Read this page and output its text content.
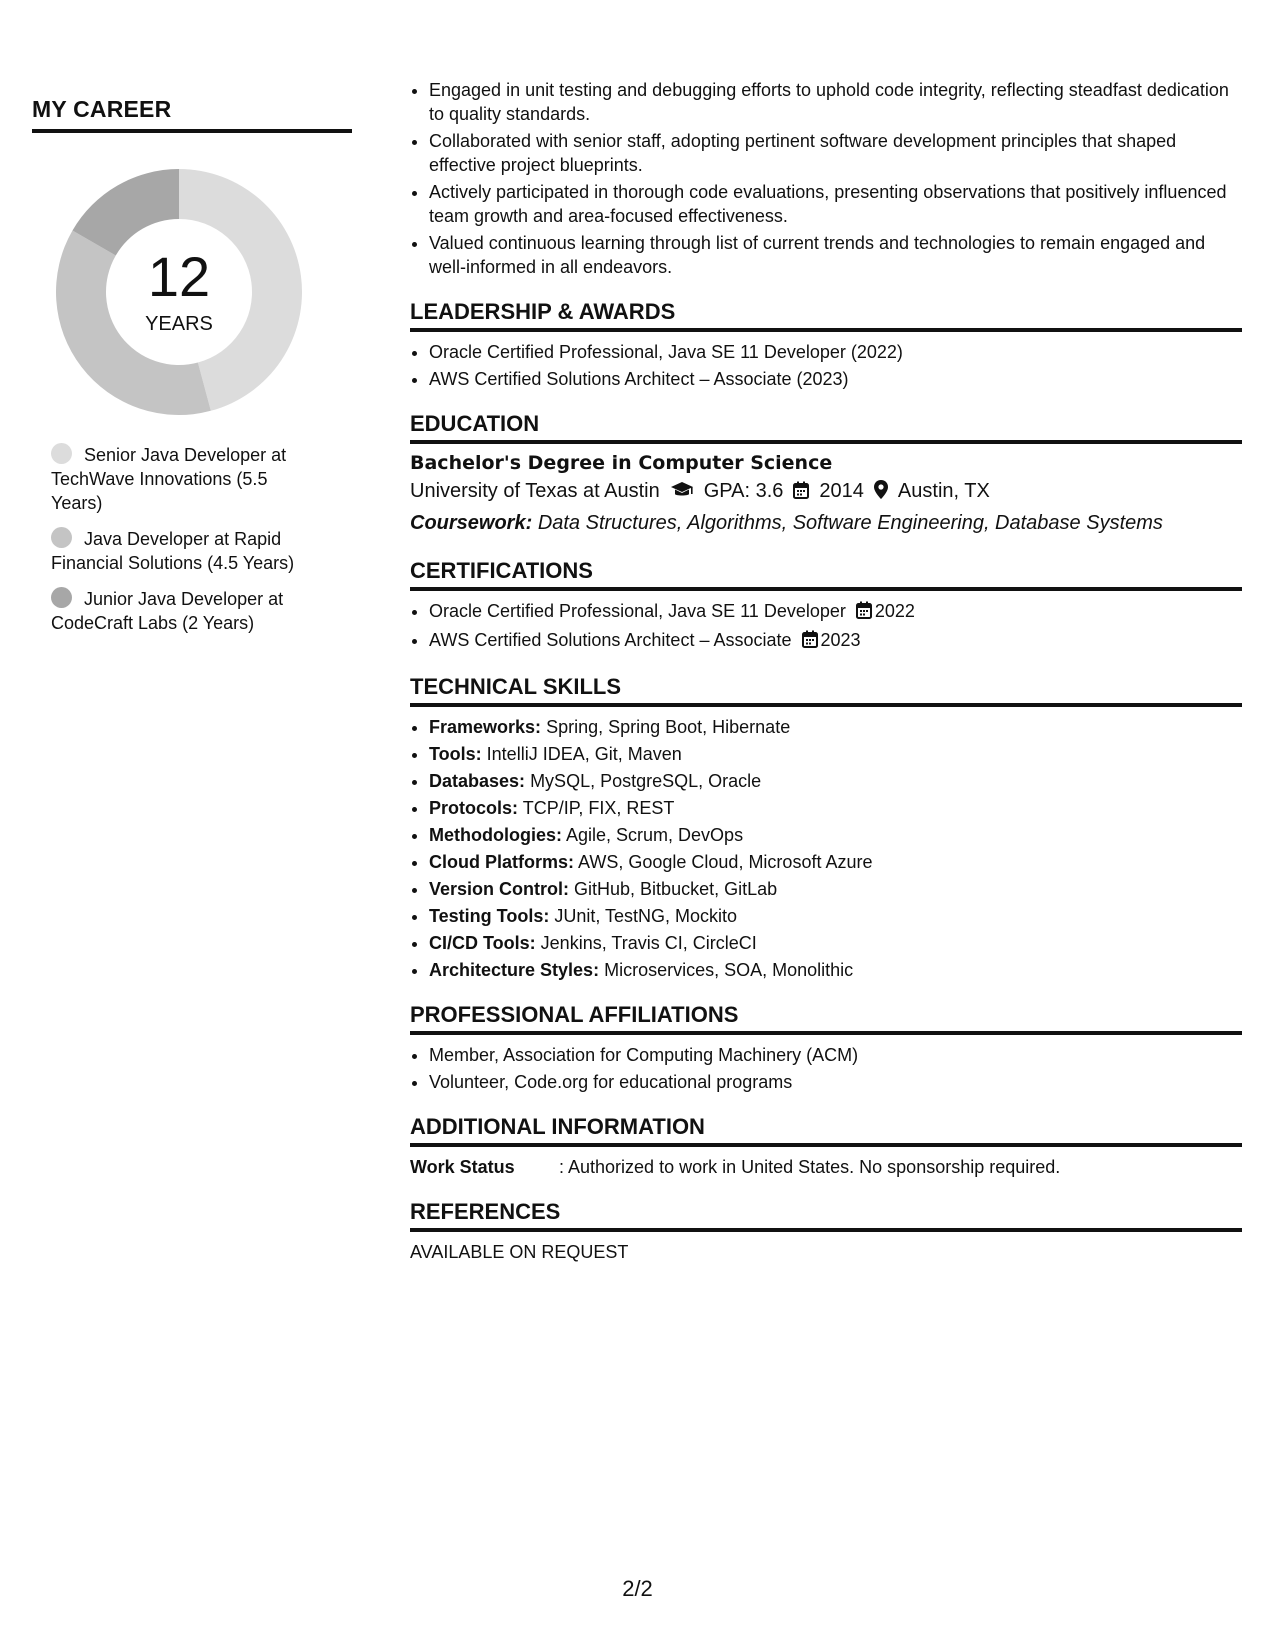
MY CAREER
12
YEARS
Senior Java Developer at TechWave Innovations (5.5 Years)
Java Developer at Rapid Financial Solutions (4.5 Years)
Junior Java Developer at CodeCraft Labs (2 Years)
• Engaged in unit testing and debugging efforts to uphold code integrity, reflecting steadfast dedication to quality standards.
• Collaborated with senior staff, adopting pertinent software development principles that shaped effective project blueprints.
• Actively participated in thorough code evaluations, presenting observations that positively influenced team growth and area-focused effectiveness.
• Valued continuous learning through list of current trends and technologies to remain engaged and well-informed in all endeavors.
LEADERSHIP & AWARDS
• Oracle Certified Professional, Java SE 11 Developer (2022)
• AWS Certified Solutions Architect – Associate (2023)
EDUCATION
Bachelor's Degree in Computer Science
University of Texas at Austin GPA: 3.6 2014 Austin, TX
Coursework: Data Structures, Algorithms, Software Engineering, Database Systems
CERTIFICATIONS
• Oracle Certified Professional, Java SE 11 Developer 2022
• AWS Certified Solutions Architect – Associate 2023
TECHNICAL SKILLS
• Frameworks: Spring, Spring Boot, Hibernate
• Tools: IntelliJ IDEA, Git, Maven
• Databases: MySQL, PostgreSQL, Oracle
• Protocols: TCP/IP, FIX, REST
• Methodologies: Agile, Scrum, DevOps
• Cloud Platforms: AWS, Google Cloud, Microsoft Azure
• Version Control: GitHub, Bitbucket, GitLab
• Testing Tools: JUnit, TestNG, Mockito
• CI/CD Tools: Jenkins, Travis CI, CircleCI
• Architecture Styles: Microservices, SOA, Monolithic
PROFESSIONAL AFFILIATIONS
• Member, Association for Computing Machinery (ACM)
• Volunteer, Code.org for educational programs
ADDITIONAL INFORMATION
Work Status : Authorized to work in United States. No sponsorship required.
REFERENCES
AVAILABLE ON REQUEST
2/2
